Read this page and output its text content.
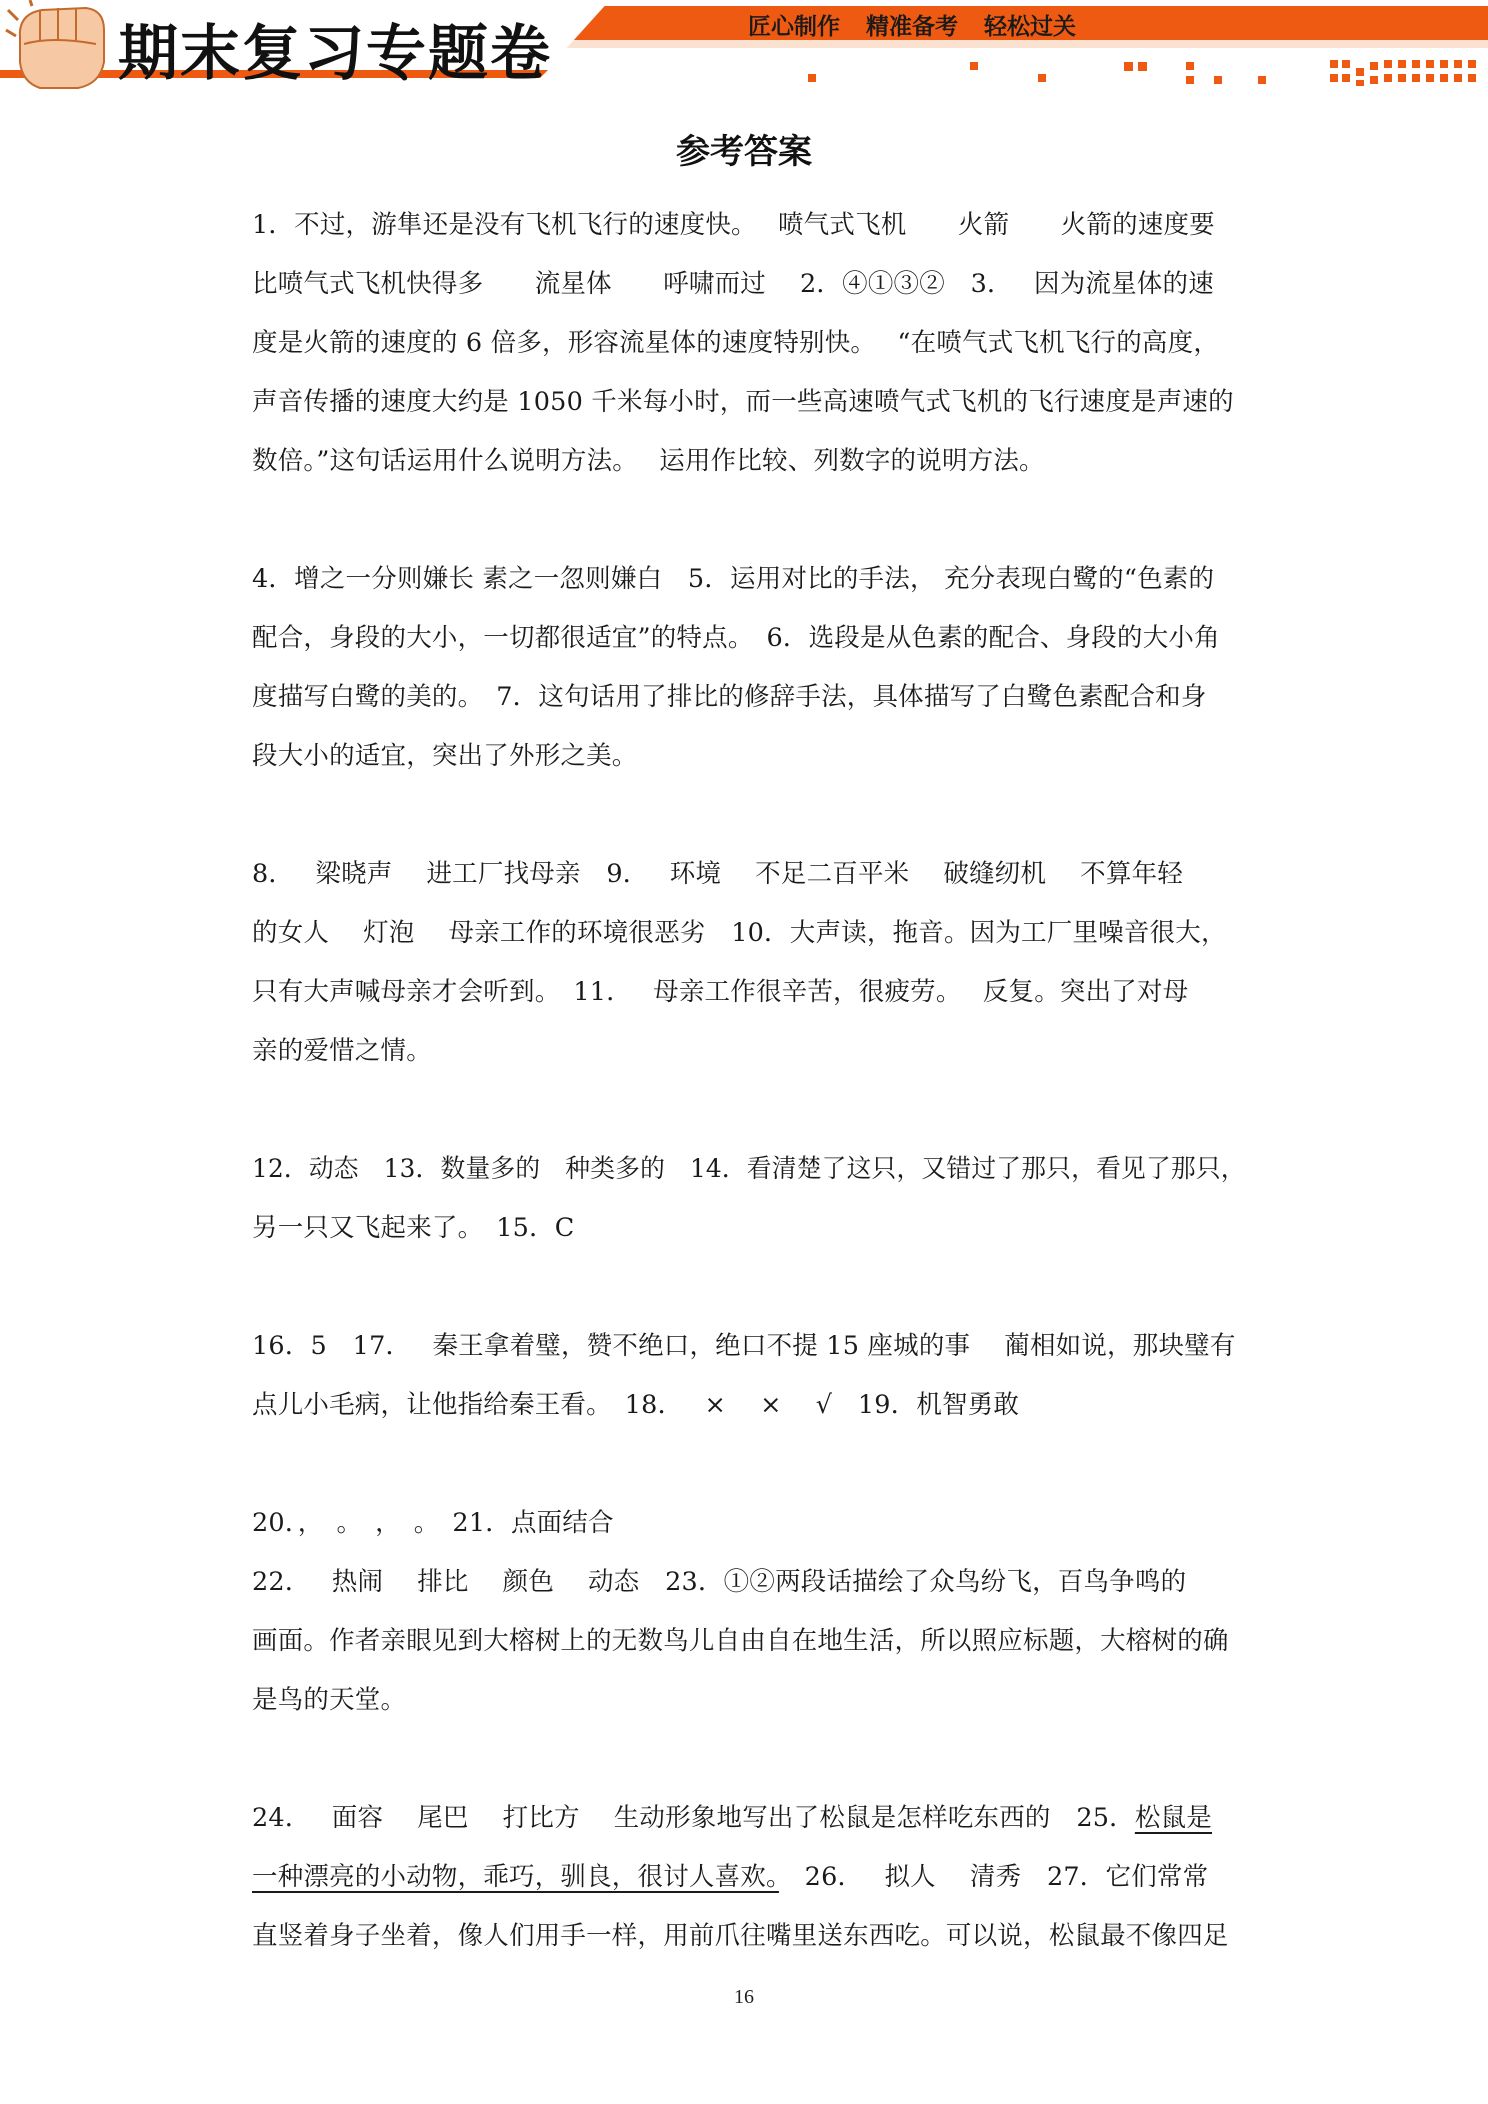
期末复习专题卷	匠心制作 精准备考 轻松过关
参考答案
1．不过，游隼还是没有飞机飞行的速度快。　 喷气式飞机　　火箭　　火箭的速度要
比喷气式飞机快得多　　流星体　　呼啸而过　 2．④①③②　3．　 因为流星体的速
度是火箭的速度的 6 倍多，形容流星体的速度特别快。　 “在喷气式飞机飞行的高度，
声音传播的速度大约是 1050 千米每小时，而一些高速喷气式飞机的飞行速度是声速的
数倍。”这句话运用什么说明方法。　 运用作比较、列数字的说明方法。
4．增之一分则嫌长 素之一忽则嫌白　5．运用对比的手法， 充分表现白鹭的“色素的
配合，身段的大小，一切都很适宜”的特点。　6．选段是从色素的配合、身段的大小角
度描写白鹭的美的。　7．这句话用了排比的修辞手法，具体描写了白鹭色素配合和身
段大小的适宜，突出了外形之美。
8．　 梁晓声　 进工厂找母亲　9．　 环境　 不足二百平米　 破缝纫机　 不算年轻
的女人　 灯泡　 母亲工作的环境很恶劣　10．大声读，拖音。因为工厂里噪音很大，
只有大声喊母亲才会听到。　11．　 母亲工作很辛苦，很疲劳。　 反复。突出了对母
亲的爱惜之情。
12．动态　13．数量多的　种类多的　14．看清楚了这只，又错过了那只，看见了那只，
另一只又飞起来了。　15．C
16．5　17．　 秦王拿着璧，赞不绝口，绝口不提 15 座城的事　 蔺相如说，那块璧有
点儿小毛病，让他指给秦王看。　18．　 ×　 ×　 √　19．机智勇敢
20．，　。　，　。　21．点面结合
22．　 热闹　 排比　 颜色　 动态　23．①②两段话描绘了众鸟纷飞，百鸟争鸣的
画面。作者亲眼见到大榕树上的无数鸟儿自由自在地生活，所以照应标题，大榕树的确
是鸟的天堂。
24．　 面容　 尾巴　 打比方　 生动形象地写出了松鼠是怎样吃东西的　25．松鼠是
一种漂亮的小动物，乖巧，驯良，很讨人喜欢。　26．　 拟人　 清秀　27．它们常常
直竖着身子坐着，像人们用手一样，用前爪往嘴里送东西吃。可以说，松鼠最不像四足
16
